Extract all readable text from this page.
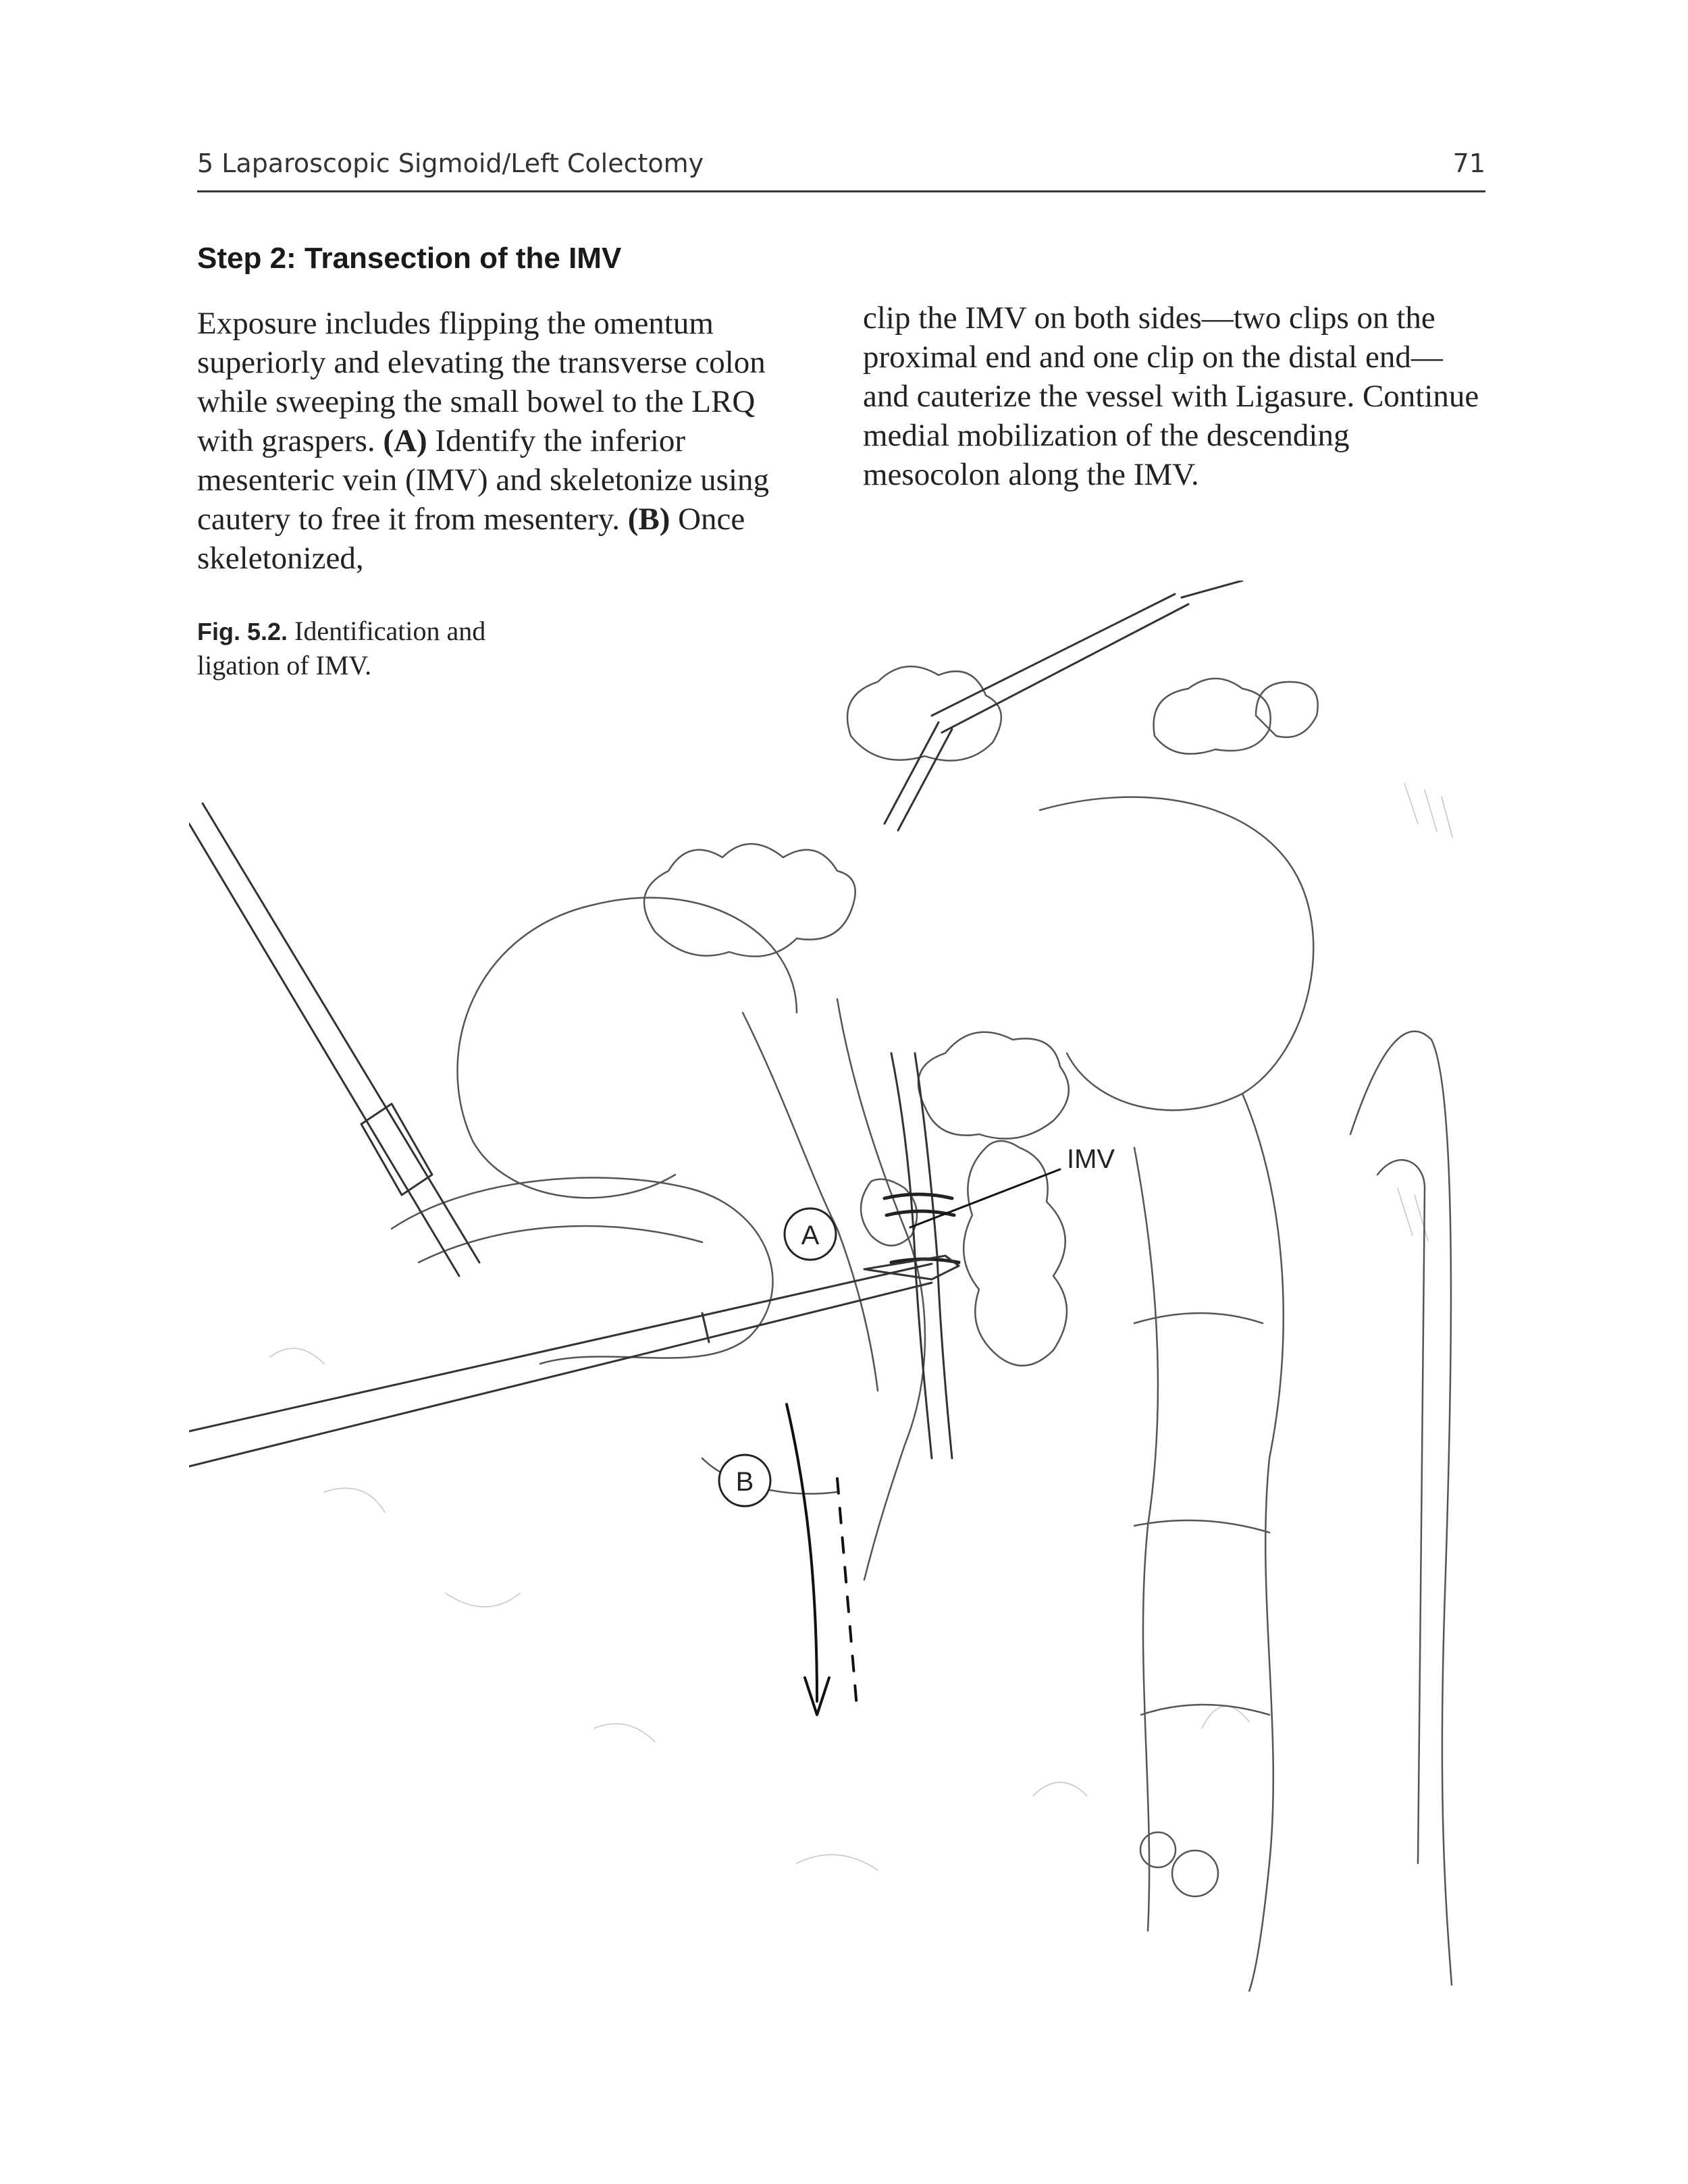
5 Laparoscopic Sigmoid/Left Colectomy	71
Step 2: Transection of the IMV

Exposure includes flipping the omentum superiorly and elevating the transverse colon while sweeping the small bowel to the LRQ with graspers. (A) Identify the inferior mesenteric vein (IMV) and skeletonize using cautery to free it from mesentery. (B) Once skeletonized,

clip the IMV on both sides—two clips on the proximal end and one clip on the distal end—and cauterize the vessel with Ligasure. Continue medial mobilization of the descending mesocolon along the IMV.

Fig. 5.2. Identification and ligation of IMV.
IMV
A
B
